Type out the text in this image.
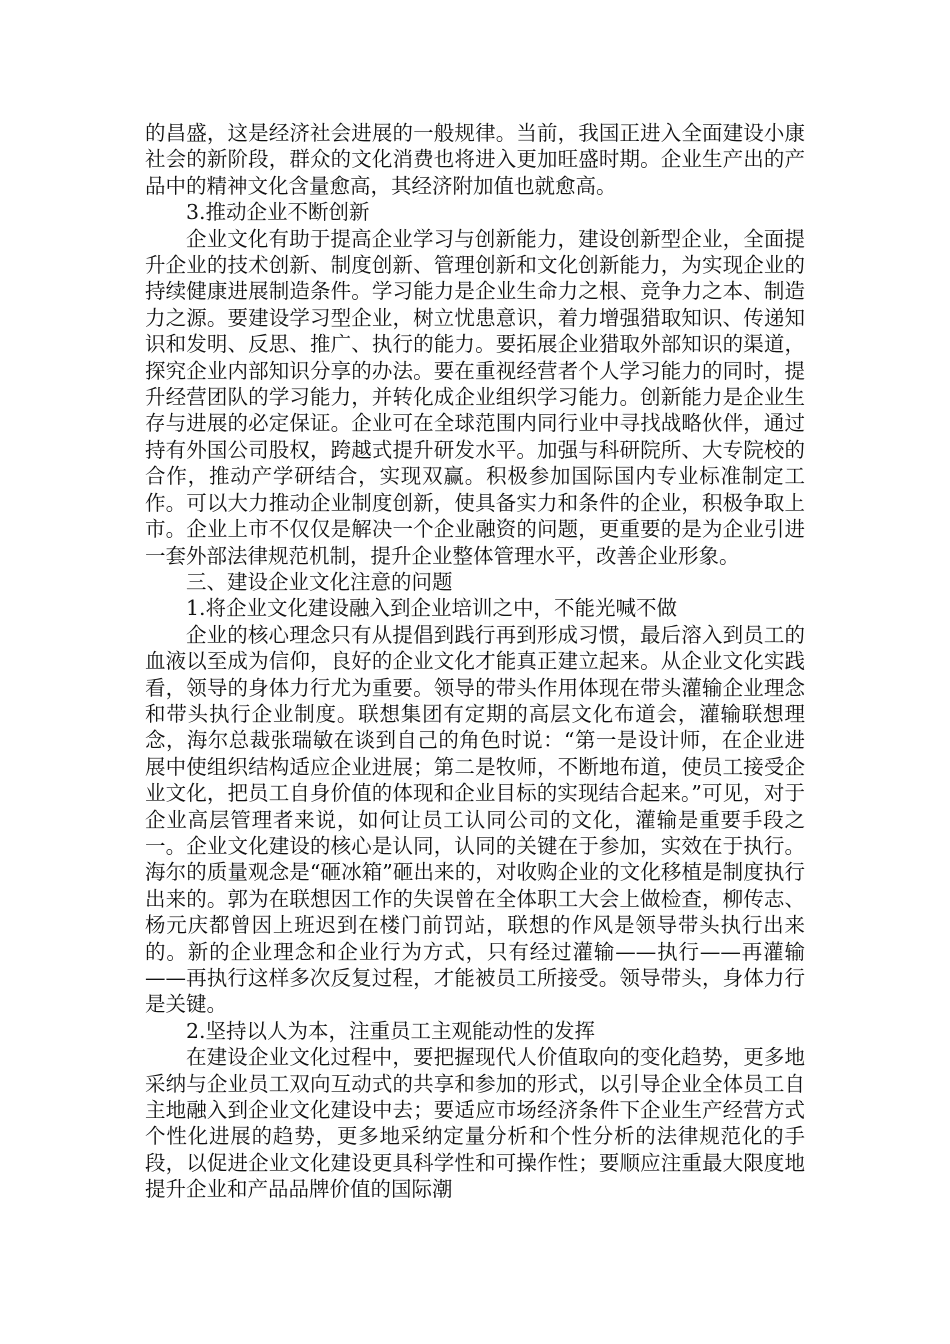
的昌盛，这是经济社会进展的一般规律。当前，我国正进入全面建设小康社会的新阶段，群众的文化消费也将进入更加旺盛时期。企业生产出的产品中的精神文化含量愈高，其经济附加值也就愈高。

3.推动企业不断创新

企业文化有助于提高企业学习与创新能力，建设创新型企业，全面提升企业的技术创新、制度创新、管理创新和文化创新能力，为实现企业的持续健康进展制造条件。学习能力是企业生命力之根、竞争力之本、制造力之源。要建设学习型企业，树立忧患意识，着力增强猎取知识、传递知识和发明、反思、推广、执行的能力。要拓展企业猎取外部知识的渠道，探究企业内部知识分享的办法。要在重视经营者个人学习能力的同时，提升经营团队的学习能力，并转化成企业组织学习能力。创新能力是企业生存与进展的必定保证。企业可在全球范围内同行业中寻找战略伙伴，通过持有外国公司股权，跨越式提升研发水平。加强与科研院所、大专院校的合作，推动产学研结合，实现双赢。积极参加国际国内专业标准制定工作。可以大力推动企业制度创新，使具备实力和条件的企业，积极争取上市。企业上市不仅仅是解决一个企业融资的问题，更重要的是为企业引进一套外部法律规范机制，提升企业整体管理水平，改善企业形象。

三、建设企业文化注意的问题

1.将企业文化建设融入到企业培训之中，不能光喊不做

企业的核心理念只有从提倡到践行再到形成习惯，最后溶入到员工的血液以至成为信仰，良好的企业文化才能真正建立起来。从企业文化实践看，领导的身体力行尤为重要。领导的带头作用体现在带头灌输企业理念和带头执行企业制度。联想集团有定期的高层文化布道会，灌输联想理念，海尔总裁张瑞敏在谈到自己的角色时说：“第一是设计师，在企业进展中使组织结构适应企业进展；第二是牧师，不断地布道，使员工接受企业文化，把员工自身价值的体现和企业目标的实现结合起来。”可见，对于企业高层管理者来说，如何让员工认同公司的文化，灌输是重要手段之一。企业文化建设的核心是认同，认同的关键在于参加，实效在于执行。海尔的质量观念是“砸冰箱”砸出来的，对收购企业的文化移植是制度执行出来的。郭为在联想因工作的失误曾在全体职工大会上做检查，柳传志、杨元庆都曾因上班迟到在楼门前罚站，联想的作风是领导带头执行出来的。新的企业理念和企业行为方式，只有经过灌输——执行——再灌输——再执行这样多次反复过程，才能被员工所接受。领导带头，身体力行是关键。

2.坚持以人为本，注重员工主观能动性的发挥

在建设企业文化过程中，要把握现代人价值取向的变化趋势，更多地采纳与企业员工双向互动式的共享和参加的形式，以引导企业全体员工自主地融入到企业文化建设中去；要适应市场经济条件下企业生产经营方式个性化进展的趋势，更多地采纳定量分析和个性分析的法律规范化的手段，以促进企业文化建设更具科学性和可操作性；要顺应注重最大限度地提升企业和产品品牌价值的国际潮
